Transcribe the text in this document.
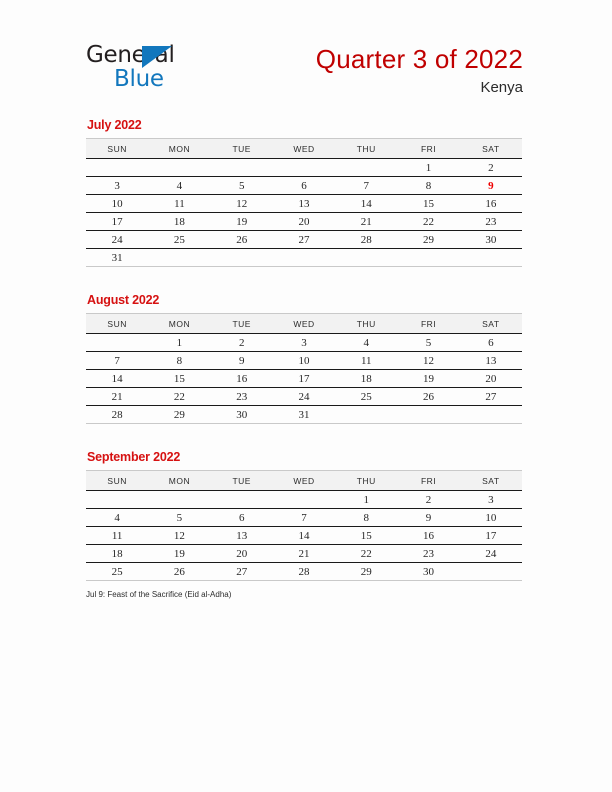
General
Blue
Quarter 3 of 2022
Kenya
July 2022
SUN	MON	TUE	WED	THU	FRI	SAT
					1	2
3	4	5	6	7	8	9
10	11	12	13	14	15	16
17	18	19	20	21	22	23
24	25	26	27	28	29	30
31						
August 2022
SUN	MON	TUE	WED	THU	FRI	SAT
	1	2	3	4	5	6
7	8	9	10	11	12	13
14	15	16	17	18	19	20
21	22	23	24	25	26	27
28	29	30	31			
September 2022
SUN	MON	TUE	WED	THU	FRI	SAT
				1	2	3
4	5	6	7	8	9	10
11	12	13	14	15	16	17
18	19	20	21	22	23	24
25	26	27	28	29	30	
Jul 9: Feast of the Sacrifice (Eid al-Adha)
